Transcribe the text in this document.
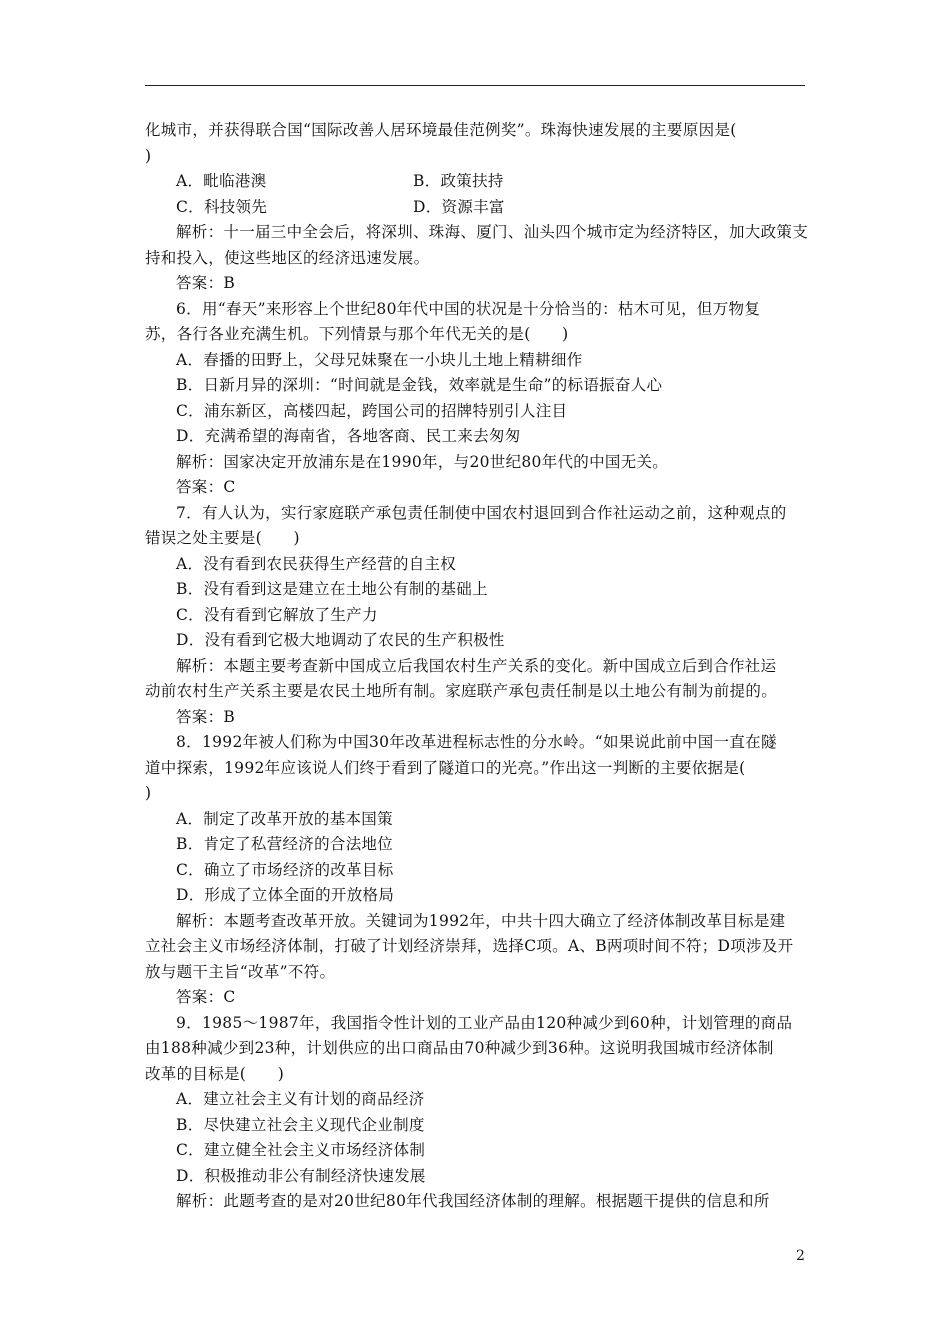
化城市，并获得联合国“国际改善人居环境最佳范例奖”。珠海快速发展的主要原因是(
)
A．毗临港澳	B．政策扶持
C．科技领先	D．资源丰富
解析：十一届三中全会后，将深圳、珠海、厦门、汕头四个城市定为经济特区，加大政策支
持和投入，使这些地区的经济迅速发展。
答案：B
6．用“春天”来形容上个世纪80年代中国的状况是十分恰当的：枯木可见，但万物复
苏，各行各业充满生机。下列情景与那个年代无关的是(　　)
A．春播的田野上，父母兄妹聚在一小块儿土地上精耕细作
B．日新月异的深圳：“时间就是金钱，效率就是生命”的标语振奋人心
C．浦东新区，高楼四起，跨国公司的招牌特别引人注目
D．充满希望的海南省，各地客商、民工来去匆匆
解析：国家决定开放浦东是在1990年，与20世纪80年代的中国无关。
答案：C
7．有人认为，实行家庭联产承包责任制使中国农村退回到合作社运动之前，这种观点的
错误之处主要是(　　)
A．没有看到农民获得生产经营的自主权
B．没有看到这是建立在土地公有制的基础上
C．没有看到它解放了生产力
D．没有看到它极大地调动了农民的生产积极性
解析：本题主要考查新中国成立后我国农村生产关系的变化。新中国成立后到合作社运
动前农村生产关系主要是农民土地所有制。家庭联产承包责任制是以土地公有制为前提的。
答案：B
8．1992年被人们称为中国30年改革进程标志性的分水岭。“如果说此前中国一直在隧
道中探索，1992年应该说人们终于看到了隧道口的光亮。”作出这一判断的主要依据是(
)
A．制定了改革开放的基本国策
B．肯定了私营经济的合法地位
C．确立了市场经济的改革目标
D．形成了立体全面的开放格局
解析：本题考查改革开放。关键词为1992年，中共十四大确立了经济体制改革目标是建
立社会主义市场经济体制，打破了计划经济崇拜，选择C项。A、B两项时间不符；D项涉及开
放与题干主旨“改革”不符。
答案：C
9．1985～1987年，我国指令性计划的工业产品由120种减少到60种，计划管理的商品
由188种减少到23种，计划供应的出口商品由70种减少到36种。这说明我国城市经济体制
改革的目标是(　　)
A．建立社会主义有计划的商品经济
B．尽快建立社会主义现代企业制度
C．建立健全社会主义市场经济体制
D．积极推动非公有制经济快速发展
解析：此题考查的是对20世纪80年代我国经济体制的理解。根据题干提供的信息和所
2
